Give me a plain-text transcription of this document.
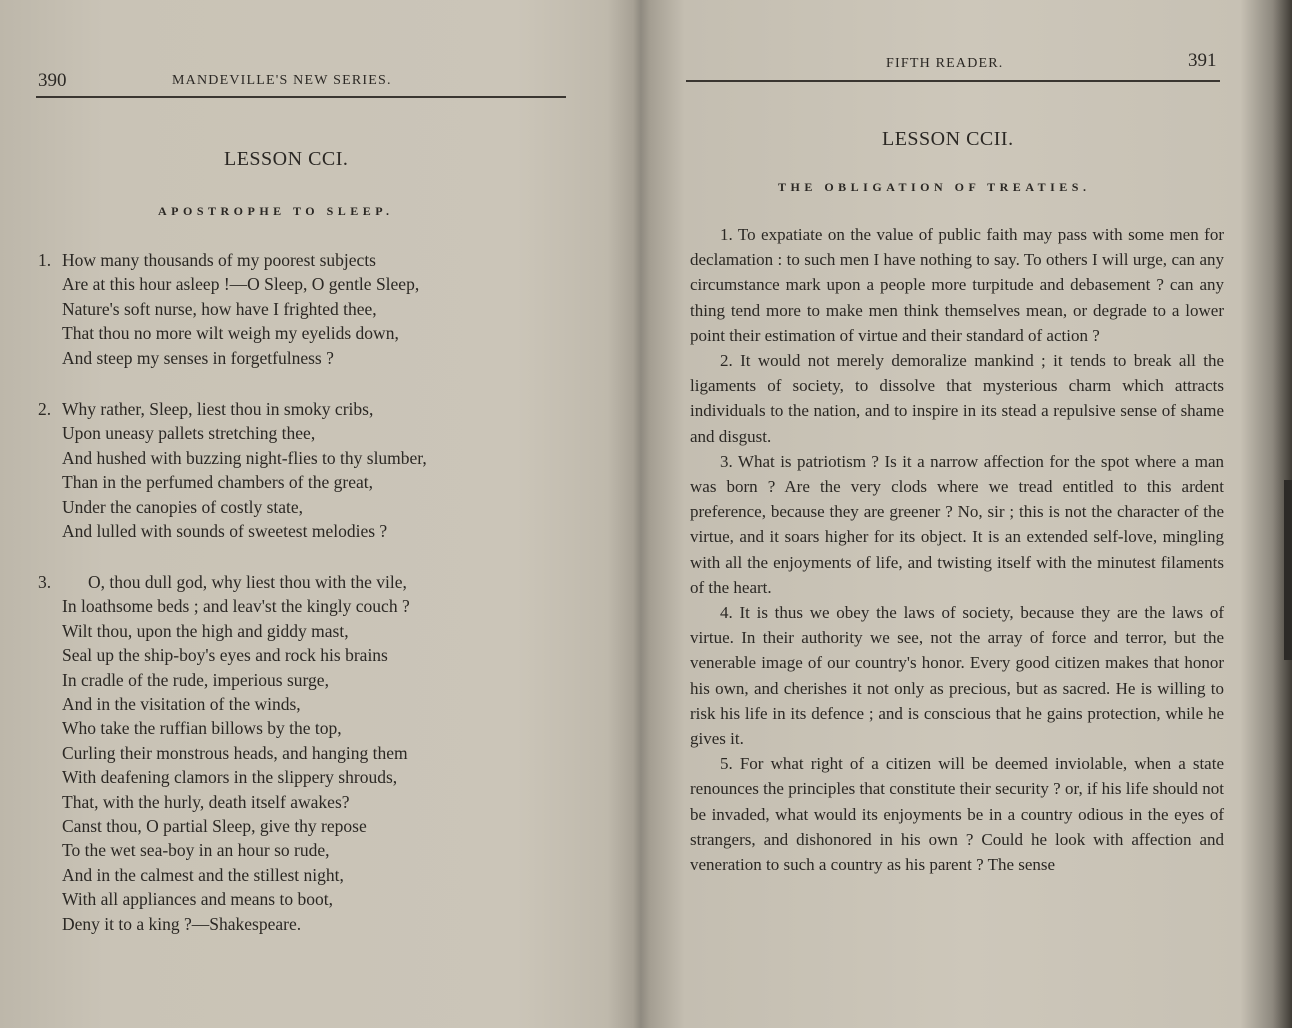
390	MANDEVILLE'S NEW SERIES.
LESSON CCI.
APOSTROPHE TO SLEEP.
1. How many thousands of my poorest subjects
Are at this hour asleep !—O Sleep, O gentle Sleep,
Nature's soft nurse, how have I frighted thee,
That thou no more wilt weigh my eyelids down,
And steep my senses in forgetfulness ?
2. Why rather, Sleep, liest thou in smoky cribs,
Upon uneasy pallets stretching thee,
And hushed with buzzing night-flies to thy slumber,
Than in the perfumed chambers of the great,
Under the canopies of costly state,
And lulled with sounds of sweetest melodies ?
3. O, thou dull god, why liest thou with the vile,
In loathsome beds ; and leav'st the kingly couch ?
Wilt thou, upon the high and giddy mast,
Seal up the ship-boy's eyes and rock his brains
In cradle of the rude, imperious surge,
And in the visitation of the winds,
Who take the ruffian billows by the top,
Curling their monstrous heads, and hanging them
With deafening clamors in the slippery shrouds,
That, with the hurly, death itself awakes?
Canst thou, O partial Sleep, give thy repose
To the wet sea-boy in an hour so rude,
And in the calmest and the stillest night,
With all appliances and means to boot,
Deny it to a king ?—Shakespeare.
FIFTH READER.	391
LESSON CCII.
THE OBLIGATION OF TREATIES.

1. To expatiate on the value of public faith may pass with some men for declamation : to such men I have nothing to say. To others I will urge, can any circumstance mark upon a people more turpitude and debasement ? can any thing tend more to make men think themselves mean, or degrade to a lower point their estimation of virtue and their standard of action ?

2. It would not merely demoralize mankind ; it tends to break all the ligaments of society, to dissolve that mysterious charm which attracts individuals to the nation, and to inspire in its stead a repulsive sense of shame and disgust.

3. What is patriotism ? Is it a narrow affection for the spot where a man was born ? Are the very clods where we tread entitled to this ardent preference, because they are greener ? No, sir ; this is not the character of the virtue, and it soars higher for its object. It is an extended self-love, mingling with all the enjoyments of life, and twisting itself with the minutest filaments of the heart.

4. It is thus we obey the laws of society, because they are the laws of virtue. In their authority we see, not the array of force and terror, but the venerable image of our country's honor. Every good citizen makes that honor his own, and cherishes it not only as precious, but as sacred. He is willing to risk his life in its defence ; and is conscious that he gains protection, while he gives it.

5. For what right of a citizen will be deemed inviolable, when a state renounces the principles that constitute their security ? or, if his life should not be invaded, what would its enjoyments be in a country odious in the eyes of strangers, and dishonored in his own ? Could he look with affection and veneration to such a country as his parent ? The sense
